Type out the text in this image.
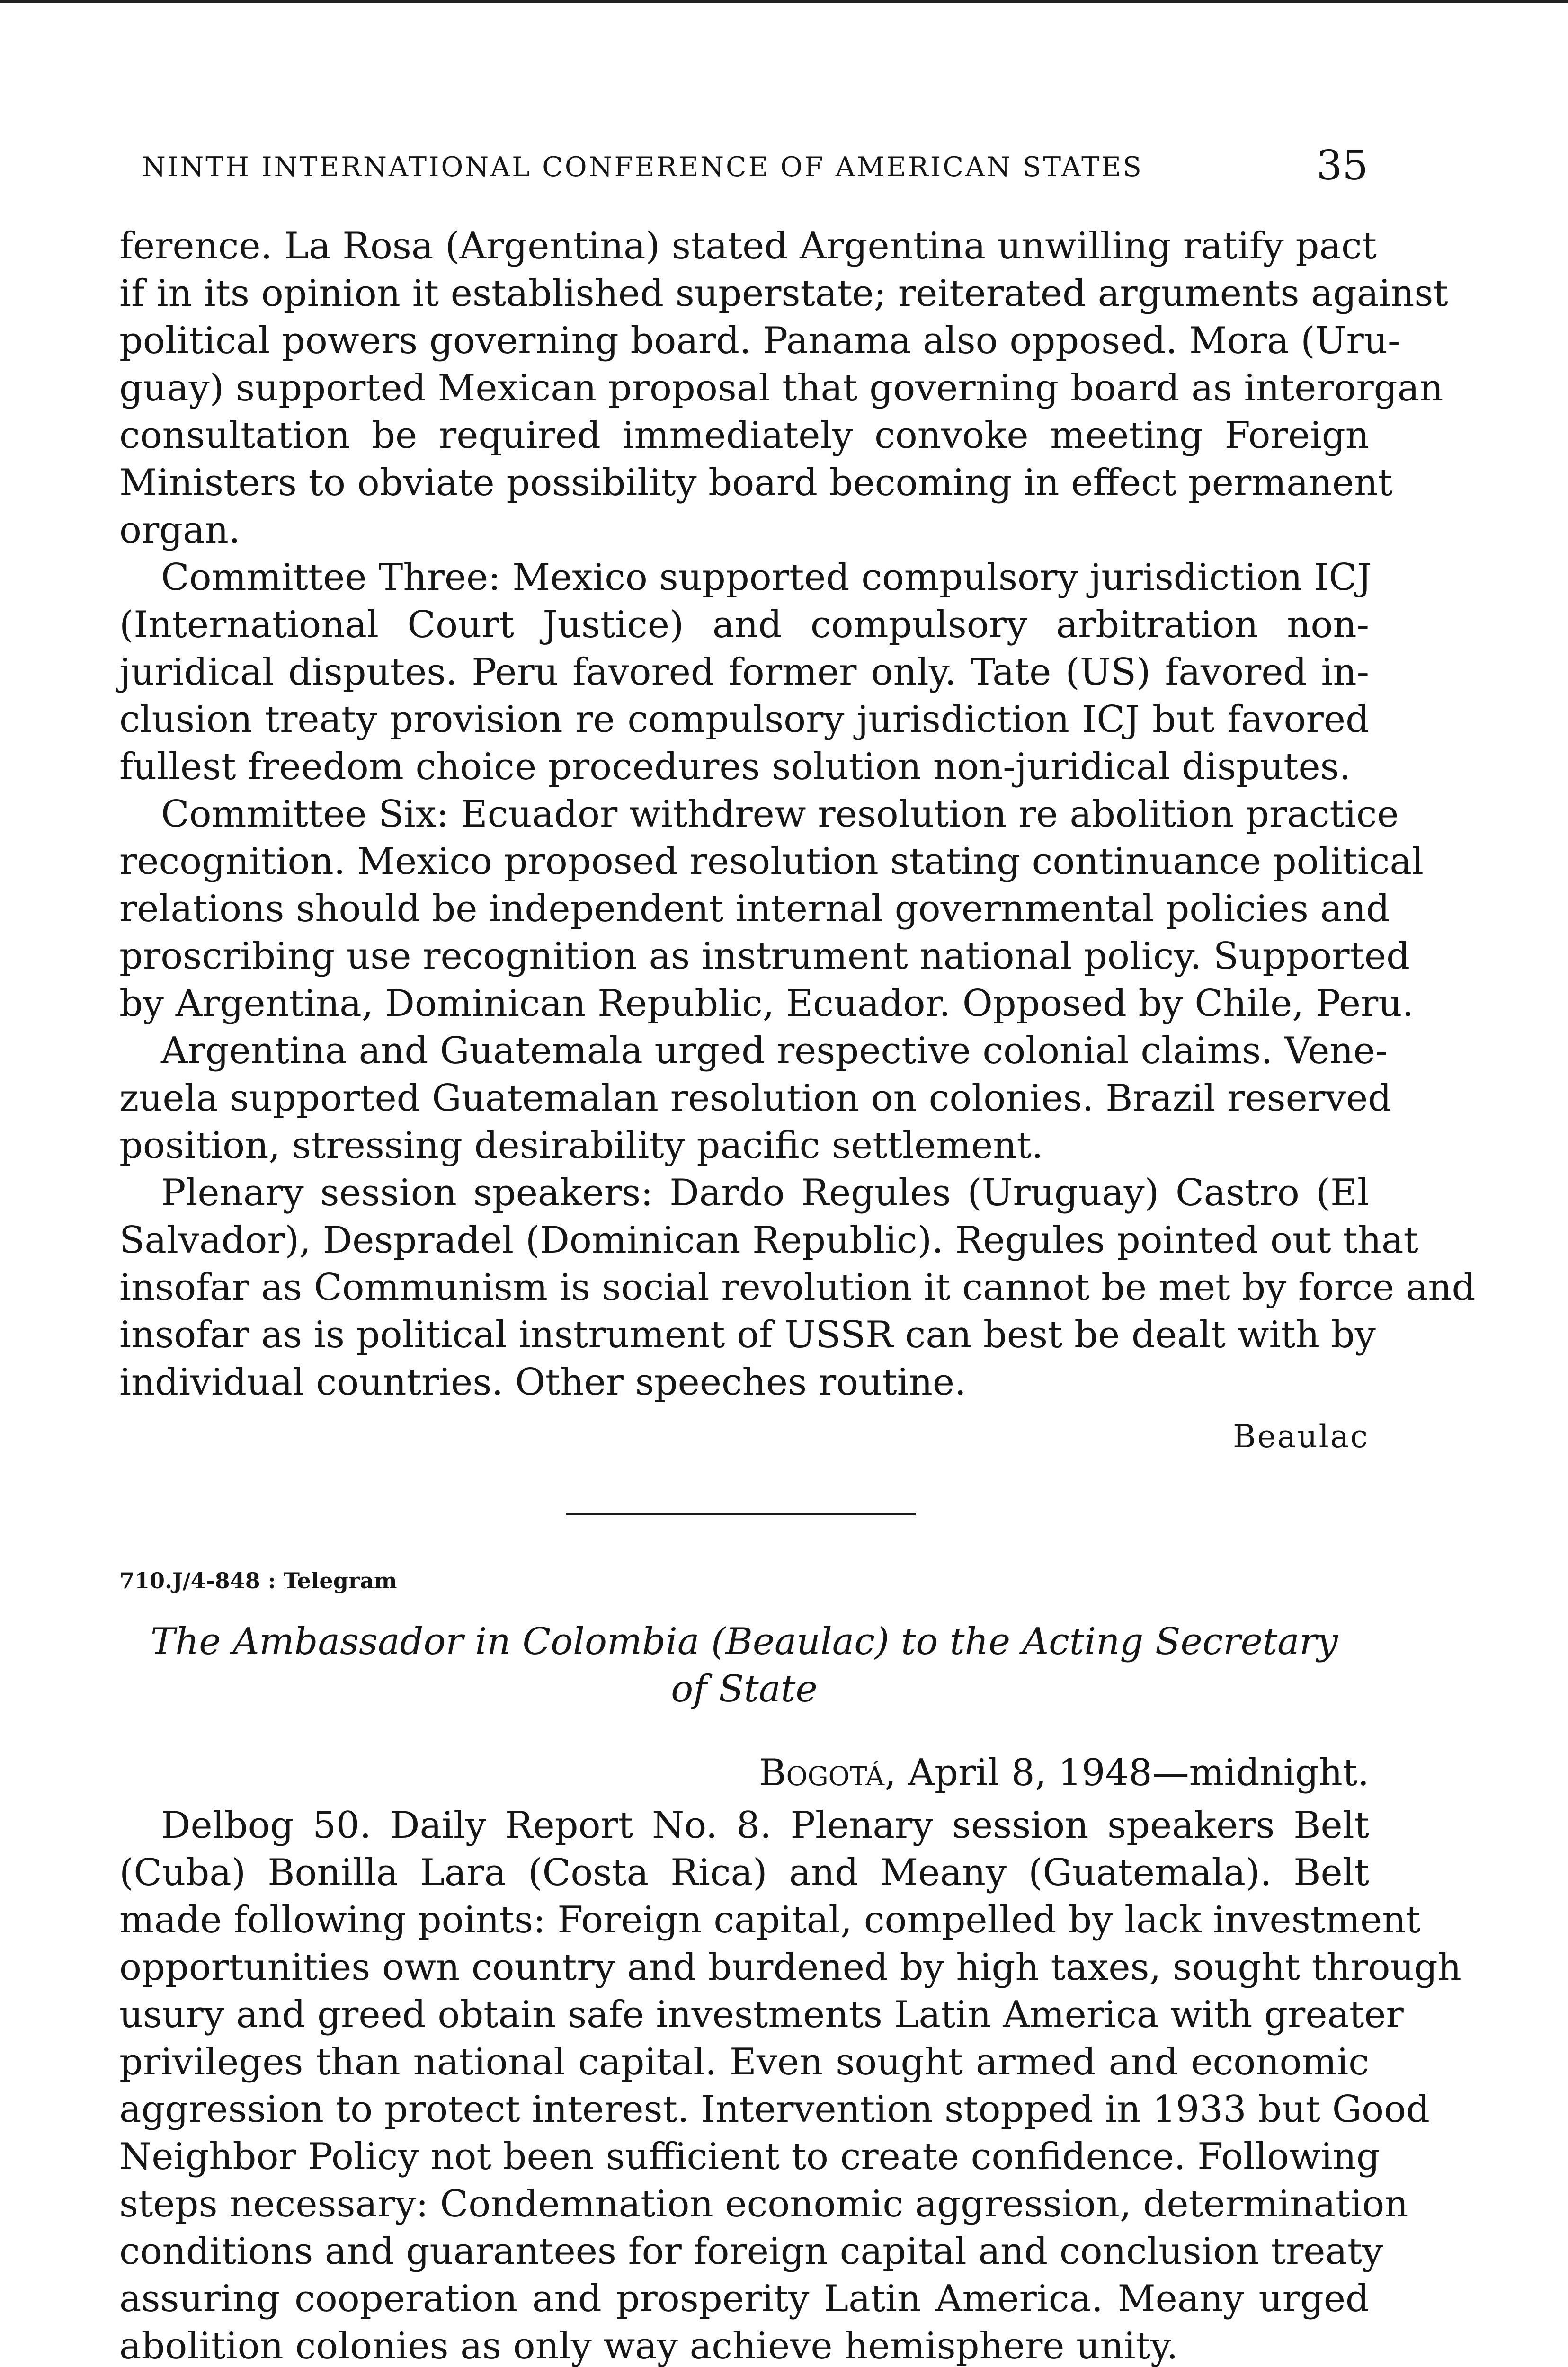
NINTH INTERNATIONAL CONFERENCE OF AMERICAN STATES	35
ference. La Rosa (Argentina) stated Argentina unwilling ratify pact
if in its opinion it established superstate; reiterated arguments against
political powers governing board. Panama also opposed. Mora (Uru-
guay) supported Mexican proposal that governing board as interorgan
consultation be required immediately convoke meeting Foreign
Ministers to obviate possibility board becoming in effect permanent
organ.
Committee Three: Mexico supported compulsory jurisdiction ICJ
(International Court Justice) and compulsory arbitration non-
juridical disputes. Peru favored former only. Tate (US) favored in-
clusion treaty provision re compulsory jurisdiction ICJ but favored
fullest freedom choice procedures solution non-juridical disputes.
Committee Six: Ecuador withdrew resolution re abolition practice
recognition. Mexico proposed resolution stating continuance political
relations should be independent internal governmental policies and
proscribing use recognition as instrument national policy. Supported
by Argentina, Dominican Republic, Ecuador. Opposed by Chile, Peru.
Argentina and Guatemala urged respective colonial claims. Vene-
zuela supported Guatemalan resolution on colonies. Brazil reserved
position, stressing desirability pacific settlement.
Plenary session speakers: Dardo Regules (Uruguay) Castro (El
Salvador), Despradel (Dominican Republic). Regules pointed out that
insofar as Communism is social revolution it cannot be met by force and
insofar as is political instrument of USSR can best be dealt with by
individual countries. Other speeches routine.
Beaulac
710.J/4-848 : Telegram
The Ambassador in Colombia (Beaulac) to the Acting Secretary
of State
Bogotá, April 8, 1948—midnight.
Delbog 50. Daily Report No. 8. Plenary session speakers Belt
(Cuba) Bonilla Lara (Costa Rica) and Meany (Guatemala). Belt
made following points: Foreign capital, compelled by lack investment
opportunities own country and burdened by high taxes, sought through
usury and greed obtain safe investments Latin America with greater
privileges than national capital. Even sought armed and economic
aggression to protect interest. Intervention stopped in 1933 but Good
Neighbor Policy not been sufficient to create confidence. Following
steps necessary: Condemnation economic aggression, determination
conditions and guarantees for foreign capital and conclusion treaty
assuring cooperation and prosperity Latin America. Meany urged
abolition colonies as only way achieve hemisphere unity.
